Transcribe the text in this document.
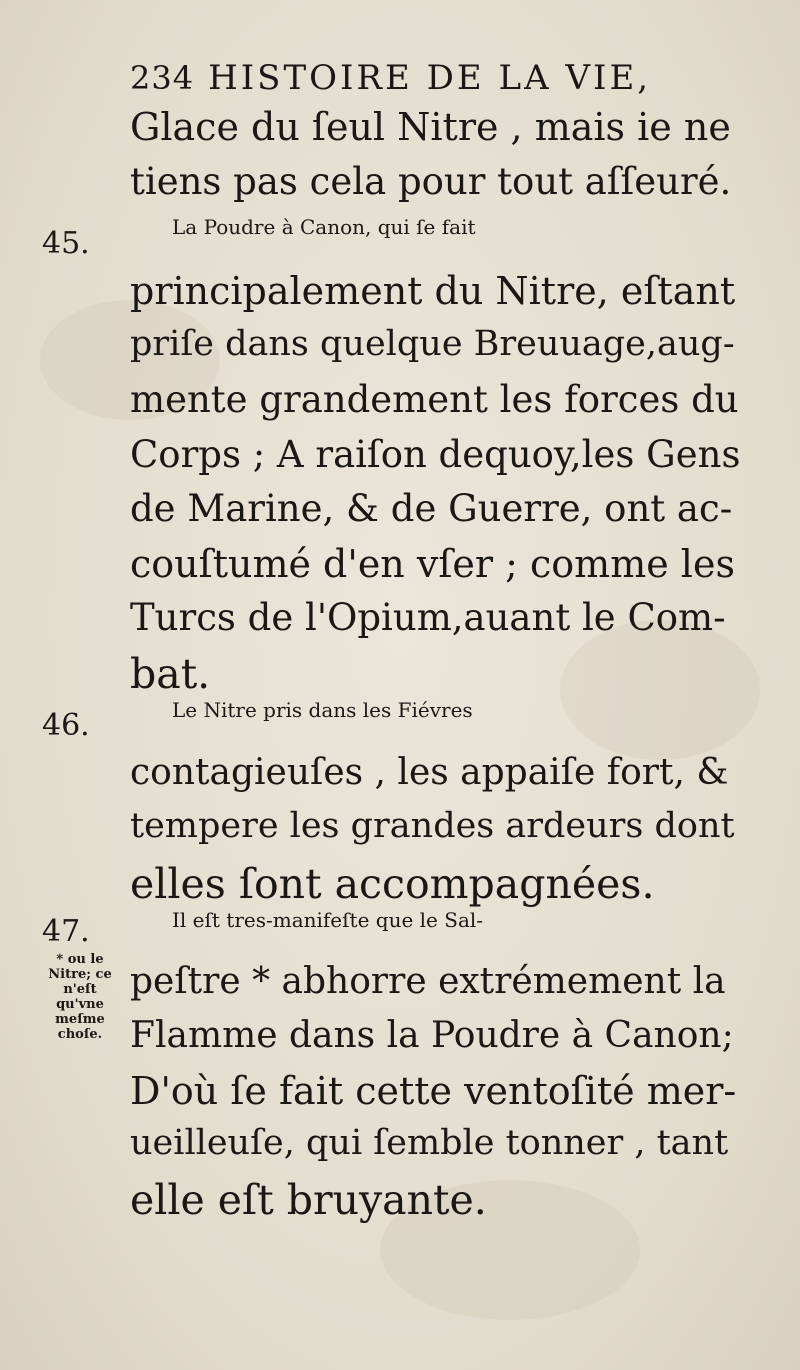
234 HISTOIRE DE LA VIE,
Glace du ſeul Nitre , mais ie ne
tiens pas cela pour tout aſſeuré.
La Poudre à Canon, qui ſe fait
principalement du Nitre, eſtant
priſe dans quelque Breuuage,aug-
mente grandement les forces du
Corps ; A raiſon dequoy,les Gens
de Marine, & de Guerre, ont ac-
couſtumé d'en vſer ; comme les
Turcs de l'Opium,auant le Com-
bat.
Le Nitre pris dans les Fiévres
contagieuſes , les appaiſe fort, &
tempere les grandes ardeurs dont
elles ſont accompagnées.
Il eſt tres-manifeſte que le Sal-
peſtre * abhorre extrémement la
Flamme dans la Poudre à Canon;
D'où ſe fait cette ventoſité mer-
ueilleuſe, qui ſemble tonner , tant
elle eſt bruyante.
45.
46.
47.
* ou le
Nitre; ce
n'eſt
qu'vne
meſme
choſe.
